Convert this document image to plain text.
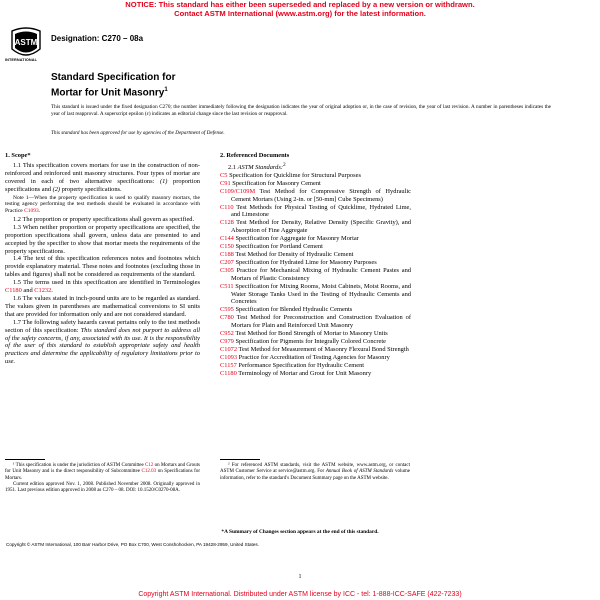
NOTICE: This standard has either been superseded and replaced by a new version or withdrawn.
Contact ASTM International (www.astm.org) for the latest information.
ASTM
INTERNATIONAL
Designation: C270 – 08a
Standard Specification for
Mortar for Unit Masonry$^1$
This standard is issued under the fixed designation C270; the number immediately following the designation indicates the year of original adoption or, in the case of revision, the year of last revision. A number in parentheses indicates the year of last reapproval. A superscript epsilon (ε) indicates an editorial change since the last revision or reapproval.
This standard has been approved for use by agencies of the Department of Defense.
1. Scope*

1.1 This specification covers mortars for use in the construction of non-reinforced and reinforced unit masonry structures. Four types of mortar are covered in each of two alternative specifications: (1) proportion specifications and (2) property specifications.

Note 1—When the property specification is used to qualify masonry mortars, the testing agency performing the test methods should be evaluated in accordance with Practice C1093.

1.2 The proportion or property specifications shall govern as specified.

1.3 When neither proportion or property specifications are specified, the proportion specifications shall govern, unless data are presented to and accepted by the specifier to show that mortar meets the requirements of the property specifications.

1.4 The text of this specification references notes and footnotes which provide explanatory material. These notes and footnotes (excluding those in tables and figures) shall not be considered as requirements of the standard.

1.5 The terms used in this specification are identified in Terminologies C1180 and C1232.

1.6 The values stated in inch-pound units are to be regarded as standard. The values given in parentheses are mathematical conversions to SI units that are provided for information only and are not considered standard.

1.7 The following safety hazards caveat pertains only to the test methods section of this specification: This standard does not purport to address all of the safety concerns, if any, associated with its use. It is the responsibility of the user of this standard to establish appropriate safety and health practices and determine the applicability of regulatory limitations prior to use.

2. Referenced Documents

2.1 ASTM Standards:$^2$

C5 Specification for Quicklime for Structural Purposes

C91 Specification for Masonry Cement

C109/C109M Test Method for Compressive Strength of Hydraulic Cement Mortars (Using 2-in. or [50-mm] Cube Specimens)

C110 Test Methods for Physical Testing of Quicklime, Hydrated Lime, and Limestone

C128 Test Method for Density, Relative Density (Specific Gravity), and Absorption of Fine Aggregate

C144 Specification for Aggregate for Masonry Mortar

C150 Specification for Portland Cement

C188 Test Method for Density of Hydraulic Cement

C207 Specification for Hydrated Lime for Masonry Purposes

C305 Practice for Mechanical Mixing of Hydraulic Cement Pastes and Mortars of Plastic Consistency

C511 Specification for Mixing Rooms, Moist Cabinets, Moist Rooms, and Water Storage Tanks Used in the Testing of Hydraulic Cements and Concretes

C595 Specification for Blended Hydraulic Cements

C780 Test Method for Preconstruction and Construction Evaluation of Mortars for Plain and Reinforced Unit Masonry

C952 Test Method for Bond Strength of Mortar to Masonry Units

C979 Specification for Pigments for Integrally Colored Concrete

C1072 Test Method for Measurement of Masonry Flexural Bond Strength

C1093 Practice for Accreditation of Testing Agencies for Masonry

C1157 Performance Specification for Hydraulic Cement

C1180 Terminology of Mortar and Grout for Unit Masonry

¹ This specification is under the jurisdiction of ASTM Committee C12 on Mortars and Grouts for Unit Masonry and is the direct responsibility of Subcommittee C12.03 on Specifications for Mortars.

Current edition approved Nov. 1, 2008. Published November 2008. Originally approved in 1951. Last previous edition approved in 2008 as C270 – 08. DOI: 10.1520/C0270-08A.

² For referenced ASTM standards, visit the ASTM website, www.astm.org, or contact ASTM Customer Service at service@astm.org. For Annual Book of ASTM Standards volume information, refer to the standard's Document Summary page on the ASTM website.

*A Summary of Changes section appears at the end of this standard.
Copyright © ASTM International, 100 Barr Harbor Drive, PO Box C700, West Conshohocken, PA 19428-2959, United States.
1
Copyright ASTM International. Distributed under ASTM license by ICC - tel: 1-888-ICC-SAFE (422-7233)
